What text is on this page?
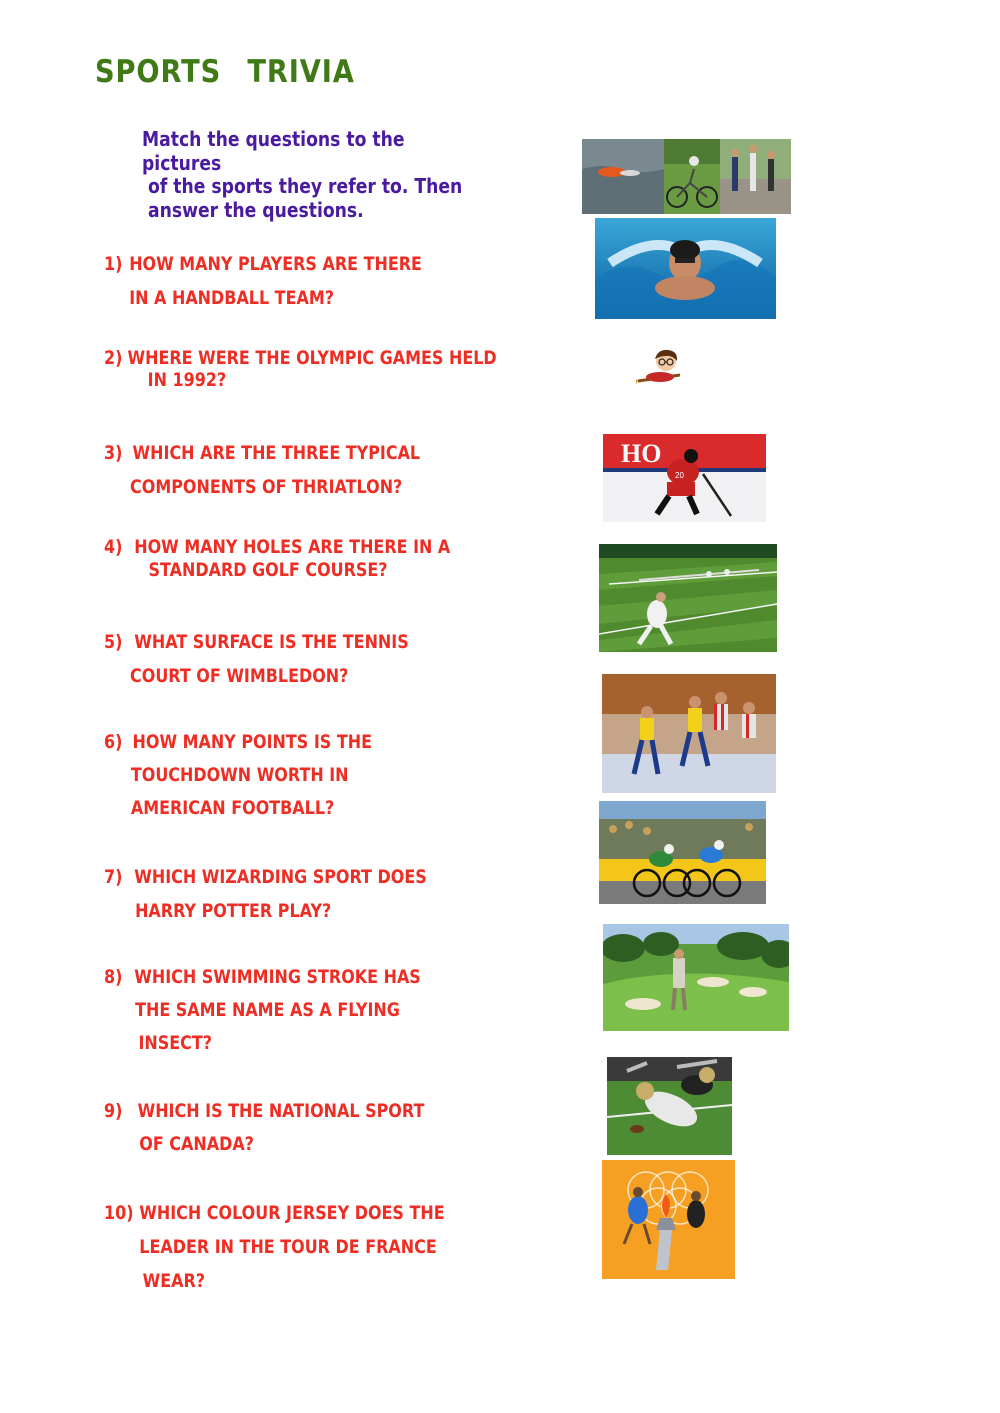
SPORTS TRIVIA
Match the questions to the pictures
of the sports they refer to. Then
answer the questions.
1) HOW MANY PLAYERS ARE THERE
IN A HANDBALL TEAM?
2) WHERE WERE THE OLYMPIC GAMES HELD
IN 1992?
3) WHICH ARE THE THREE TYPICAL
COMPONENTS OF THRIATLON?
4) HOW MANY HOLES ARE THERE IN A
STANDARD GOLF COURSE?
5) WHAT SURFACE IS THE TENNIS
COURT OF WIMBLEDON?
6) HOW MANY POINTS IS THE
TOUCHDOWN WORTH IN
AMERICAN FOOTBALL?
7) WHICH WIZARDING SPORT DOES
HARRY POTTER PLAY?
8) WHICH SWIMMING STROKE HAS
THE SAME NAME AS A FLYING
INSECT?
9) WHICH IS THE NATIONAL SPORT
OF CANADA?
10) WHICH COLOUR JERSEY DOES THE
LEADER IN THE TOUR DE FRANCE
WEAR?
HO
20
